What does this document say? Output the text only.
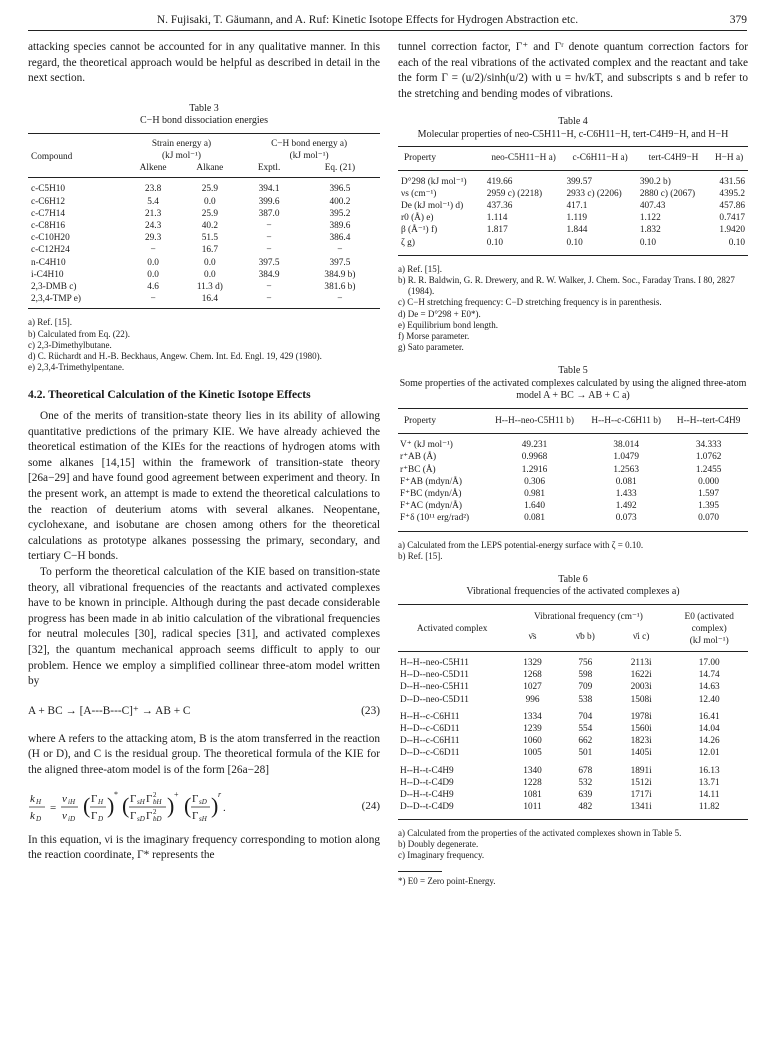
N. Fujisaki, T. Gäumann, and A. Ruf: Kinetic Isotope Effects for Hydrogen Abstraction etc.	379

attacking species cannot be accounted for in any qualitative manner. In this regard, the theoretical approach would be helpful as described in detail in the next section.

Table 3
C−H bond dissociation energies
Compound	Strain energy a)		C−H bond energy a)	
	(kJ mol⁻¹)		(kJ mol⁻¹)	
	Alkene	Alkane	Exptl.	Eq. (21)

c-C5H10	23.8	25.9	394.1	396.5
c-C6H12	5.4	0.0	399.6	400.2
c-C7H14	21.3	25.9	387.0	395.2
c-C8H16	24.3	40.2	−	389.6
c-C10H20	29.3	51.5	−	386.4
c-C12H24	−	16.7	−	−
n-C4H10	0.0	0.0	397.5	397.5
i-C4H10	0.0	0.0	384.9	384.9 b)
2,3-DMB c)	4.6	11.3 d)	−	381.6 b)
2,3,4-TMP e)	−	16.4	−	−
a) Ref. [15].
b) Calculated from Eq. (22).
c) 2,3-Dimethylbutane.
d) C. Rüchardt and H.-B. Beckhaus, Angew. Chem. Int. Ed. Engl. 19, 429 (1980).
e) 2,3,4-Trimethylpentane.
4.2. Theoretical Calculation of the Kinetic Isotope Effects

One of the merits of transition-state theory lies in its ability of allowing quantitative predictions of the primary KIE. We have already achieved the theoretical estimation of the KIEs for the reactions of hydrogen atoms with some alkanes [14,15] within the framework of transition-state theory [26a−29] and have found good agreement between experiment and theory. In the present work, an attempt is made to extend the theoretical calculations to the reaction of deuterium atoms with several alkanes. Neopentane, cyclohexane, and isobutane are chosen among others for the theoretical calculations as prototype alkanes possessing the primary, secondary, and tertiary C−H bonds.

To perform the theoretical calculation of the KIE based on transition-state theory, all vibrational frequencies of the reactants and activated complexes have to be known in principle. Although during the past decade considerable progress has been made in ab initio calculation of the vibrational frequencies for neutral molecules [30], radical species [31], and activated complexes [32], the quantum mechanical approach seems difficult to apply to our problem. Hence we employ a simplified collinear three-atom model written by

A + BC → [A---B---C]⁺ → AB + C	(23)

where A refers to the attacking atom, B is the atom transferred in the reaction (H or D), and C is the residual group. The theoretical formula of the KIE for the aligned three-atom model is of the form [26a−28]

k H
k D
=
ν iH
ν iD
( Γ H
Γ D
) * ( Γ sH Γ bH
2
Γ sD Γ bD
2 ) + ( Γ sD
Γ sH
) r
.	(24)

In this equation, νi is the imaginary frequency corresponding to motion along the reaction coordinate, Γ* represents the

tunnel correction factor, Γ⁺ and Γʳ denote quantum correction factors for each of the real vibrations of the activated complex and the reactant and take the form Γ = (u/2)/sinh(u/2) with u = hν/kT, and subscripts s and b refer to the stretching and bending modes of vibrations.

Table 4
Molecular properties of neo-C5H11−H, c-C6H11−H, tert-C4H9−H, and H−H
Property	neo-C5H11−H a)	c-C6H11−H a)	tert-C4H9−H	H−H a)

D°298 (kJ mol⁻¹)	419.66	399.57	390.2 b)	431.56
νs (cm⁻¹)	2959 c) (2218)	2933 c) (2206)	2880 c) (2067)	4395.2
De (kJ mol⁻¹) d)	437.36	417.1	407.43	457.86
r0 (Å) e)	1.114	1.119	1.122	0.7417
β (Å⁻¹) f)	1.817	1.844	1.832	1.9420
ζ g)	0.10	0.10	0.10	0.10
a) Ref. [15].
b) R. R. Baldwin, G. R. Drewery, and R. W. Walker, J. Chem. Soc., Faraday Trans. I 80, 2827 (1984).
c) C−H stretching frequency: C−D stretching frequency is in parenthesis.
d) De = D°298 + E0*).
e) Equilibrium bond length.
f) Morse parameter.
g) Sato parameter.
Table 5
Some properties of the activated complexes calculated by using the aligned three-atom model A + BC → AB + C a)
Property	H--H--neo-C5H11 b)	H--H--c-C6H11 b)	H--H--tert-C4H9

V⁺ (kJ mol⁻¹)	49.231	38.014	34.333
r⁺AB (Å)	0.9968	1.0479	1.0762
r⁺BC (Å)	1.2916	1.2563	1.2455
F⁺AB (mdyn/Å)	0.306	0.081	0.000
F⁺BC (mdyn/Å)	0.981	1.433	1.597
F⁺AC (mdyn/Å)	1.640	1.492	1.395
F⁺δ (10¹¹ erg/rad²)	0.081	0.073	0.070
a) Calculated from the LEPS potential-energy surface with ζ = 0.10.
b) Ref. [15].
Table 6
Vibrational frequencies of the activated complexes a)
Activated complex	Vibrational frequency (cm⁻¹)			E0 (activated
complex)
(kJ mol⁻¹)

	ν̄s	ν̄b b)	ν̄i c)	

H--H--neo-C5H11	1329	756	2113i	17.00
H--D--neo-C5D11	1268	598	1622i	14.74
D--H--neo-C5H11	1027	709	2003i	14.63
D--D--neo-C5D11	996	538	1508i	12.40

H--H--c-C6H11	1334	704	1978i	16.41
H--D--c-C6D11	1239	554	1560i	14.04
D--H--c-C6H11	1060	662	1823i	14.26
D--D--c-C6D11	1005	501	1405i	12.01

H--H--t-C4H9	1340	678	1891i	16.13
H--D--t-C4D9	1228	532	1512i	13.71
D--H--t-C4H9	1081	639	1717i	14.11
D--D--t-C4D9	1011	482	1341i	11.82
a) Calculated from the properties of the activated complexes shown in Table 5.
b) Doubly degenerate.
c) Imaginary frequency.
*) E0 = Zero point-Energy.
